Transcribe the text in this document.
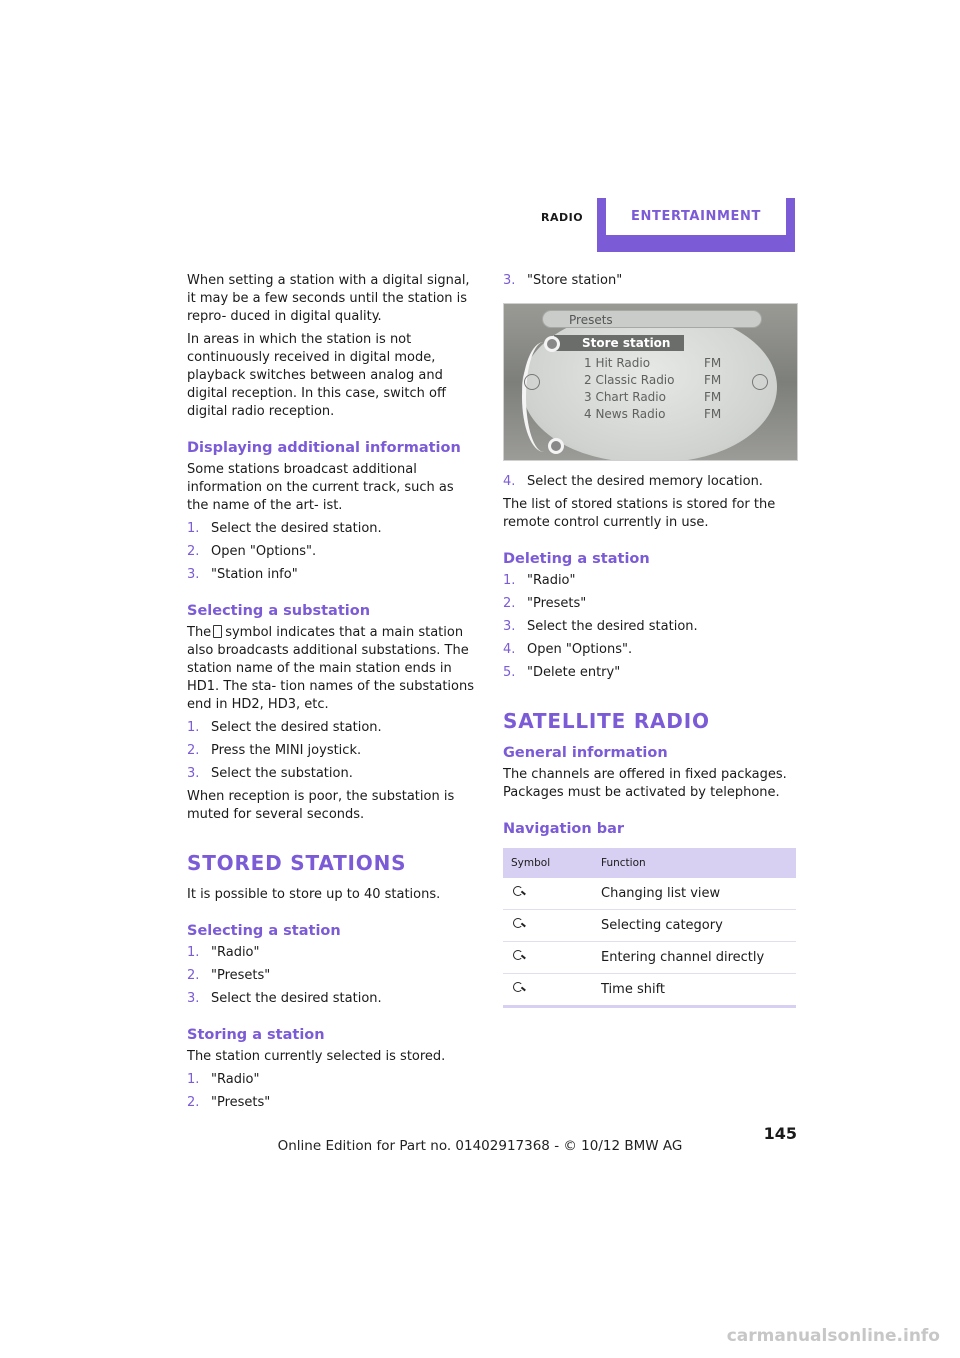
RADIO	ENTERTAINMENT

When setting a station with a digital signal, it may be a few seconds until the station is repro- duced in digital quality.

In areas in which the station is not continuously received in digital mode, playback switches between analog and digital reception. In this case, switch off digital radio reception.

Displaying additional information

Some stations broadcast additional information on the current track, such as the name of the art- ist.

1. Select the desired station.
2. Open "Options".
3. "Station info"
Selecting a substation

The symbol indicates that a main station also broadcasts additional substations. The station name of the main station ends in HD1. The sta- tion names of the substations end in HD2, HD3, etc.

1. Select the desired station.
2. Press the MINI joystick.
3. Select the substation.

When reception is poor, the substation is muted for several seconds.

STORED STATIONS

It is possible to store up to 40 stations.

Selecting a station
1. "Radio"
2. "Presets"
3. Select the desired station.
Storing a station

The station currently selected is stored.

1. "Radio"
2. "Presets"
3. "Store station"
Presets
Store station
1 Hit Radio	FM
2 Classic Radio FM
3 Chart Radio	FM
4 News Radio	FM
4. Select the desired memory location.

The list of stored stations is stored for the remote control currently in use.

Deleting a station
1. "Radio"
2. "Presets"
3. Select the desired station.
4. Open "Options".
5. "Delete entry"
SATELLITE RADIO
General information

The channels are offered in fixed packages. Packages must be activated by telephone.

Navigation bar
Symbol	Function
	Changing list view
	Selecting category
	Entering channel directly
	Time shift
145
Online Edition for Part no. 01402917368 - © 10/12 BMW AG
carmanualsonline.info
